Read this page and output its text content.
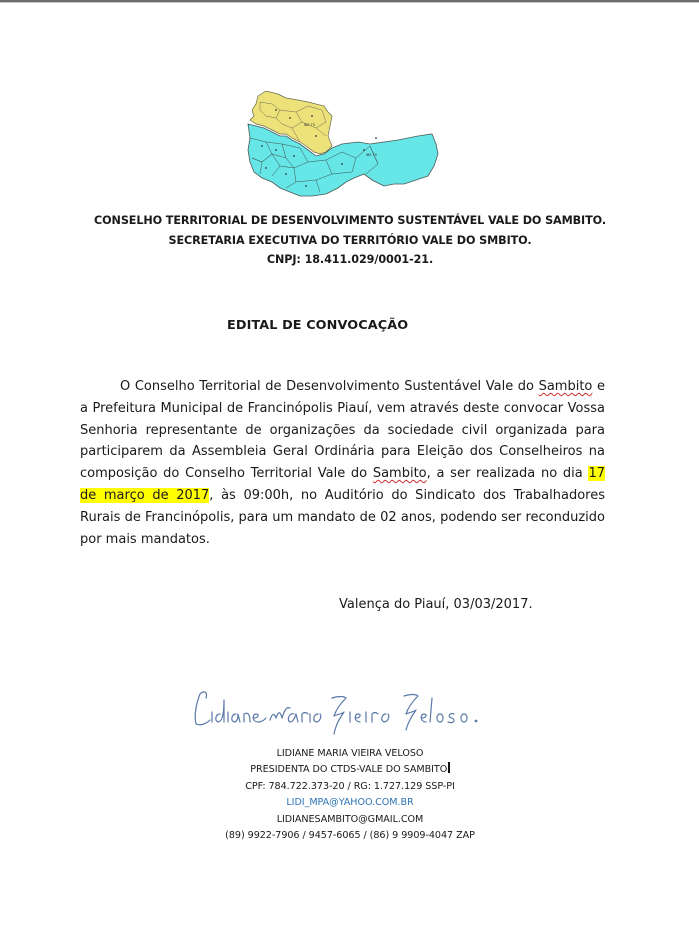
IBE TS
IBE TS
CONSELHO TERRITORIAL DE DESENVOLVIMENTO SUSTENTÁVEL VALE DO SAMBITO.
SECRETARIA EXECUTIVA DO TERRITÓRIO VALE DO SMBITO.
CNPJ: 18.411.029/0001-21.
EDITAL DE CONVOCAÇÃO
O Conselho Territorial de Desenvolvimento Sustentável Vale do Sambito e a Prefeitura Municipal de Francinópolis Piauí, vem através deste convocar Vossa Senhoria representante de organizações da sociedade civil organizada para participarem da Assembleia Geral Ordinária para Eleição dos Conselheiros na composição do Conselho Territorial Vale do Sambito, a ser realizada no dia 17 de março de 2017, às 09:00h, no Auditório do Sindicato dos Trabalhadores Rurais de Francinópolis, para um mandato de 02 anos, podendo ser reconduzido por mais mandatos.
Valença do Piauí, 03/03/2017.
LIDIANE MARIA VIEIRA VELOSO
PRESIDENTA DO CTDS-VALE DO SAMBITO
CPF: 784.722.373-20 / RG: 1.727.129 SSP-PI
LIDI_MPA@YAHOO.COM.BR
LIDIANESAMBITO@GMAIL.COM
(89) 9922-7906 / 9457-6065 / (86) 9 9909-4047 ZAP
